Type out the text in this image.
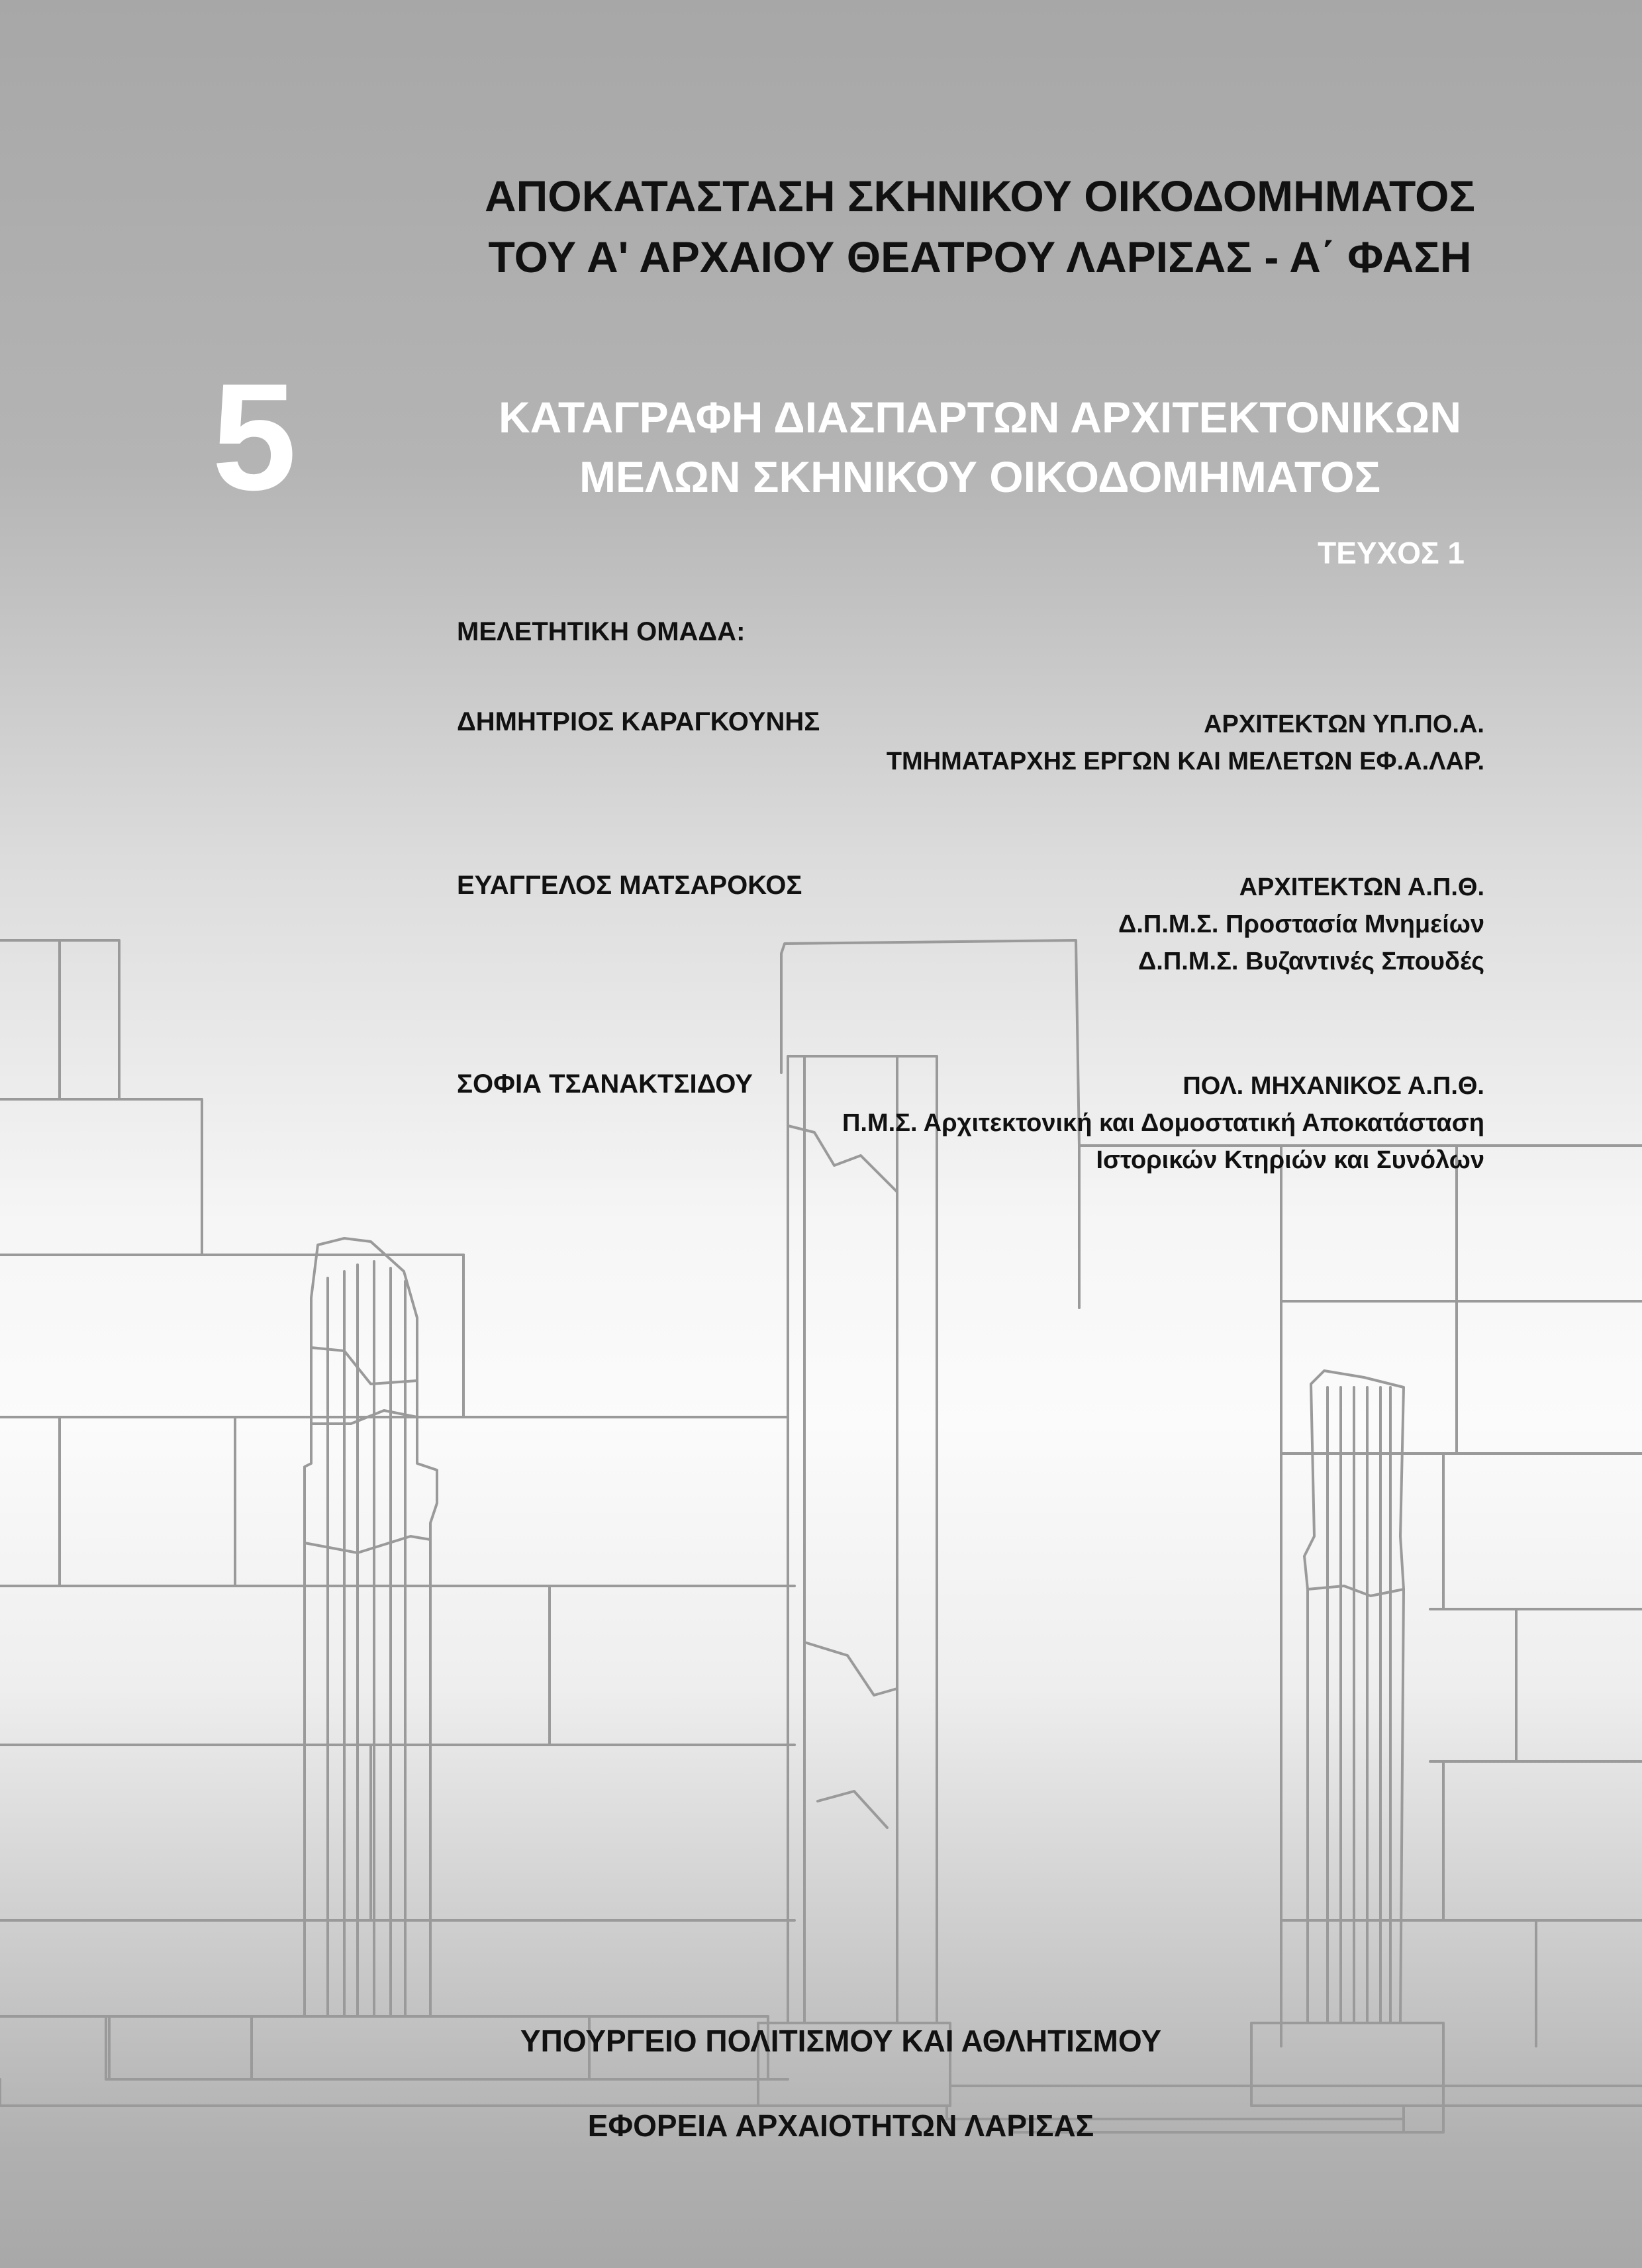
ΑΠΟΚΑΤΑΣΤΑΣΗ ΣΚΗΝΙΚΟΥ ΟΙΚΟΔΟΜΗΜΑΤΟΣ
ΤΟΥ Α' ΑΡΧΑΙΟΥ ΘΕΑΤΡΟΥ ΛΑΡΙΣΑΣ - Α΄ ΦΑΣΗ
5	ΚΑΤΑΓΡΑΦΗ ΔΙΑΣΠΑΡΤΩΝ ΑΡΧΙΤΕΚΤΟΝΙΚΩΝ
ΜΕΛΩΝ ΣΚΗΝΙΚΟΥ ΟΙΚΟΔΟΜΗΜΑΤΟΣ
ΤΕΥΧΟΣ 1
ΜΕΛΕΤΗΤΙΚΗ ΟΜΑΔΑ:
ΔΗΜΗΤΡΙΟΣ ΚΑΡΑΓΚΟΥΝΗΣ	ΑΡΧΙΤΕΚΤΩΝ ΥΠ.ΠΟ.Α.
ΤΜΗΜΑΤΑΡΧΗΣ ΕΡΓΩΝ ΚΑΙ ΜΕΛΕΤΩΝ ΕΦ.Α.ΛΑΡ.
ΕΥΑΓΓΕΛΟΣ ΜΑΤΣΑΡΟΚΟΣ	ΑΡΧΙΤΕΚΤΩΝ Α.Π.Θ.
Δ.Π.Μ.Σ. Προστασία Μνημείων
Δ.Π.Μ.Σ. Βυζαντινές Σπουδές
ΣΟΦΙΑ ΤΣΑΝΑΚΤΣΙΔΟΥ	ΠΟΛ. ΜΗΧΑΝΙΚΟΣ Α.Π.Θ.
Π.Μ.Σ. Αρχιτεκτονική και Δομοστατική Αποκατάσταση
Ιστορικών Κτηριών και Συνόλων
ΥΠΟΥΡΓΕΙΟ ΠΟΛΙΤΙΣΜΟΥ ΚΑΙ ΑΘΛΗΤΙΣΜΟΥ
ΕΦΟΡΕΙΑ ΑΡΧΑΙΟΤΗΤΩΝ ΛΑΡΙΣΑΣ
